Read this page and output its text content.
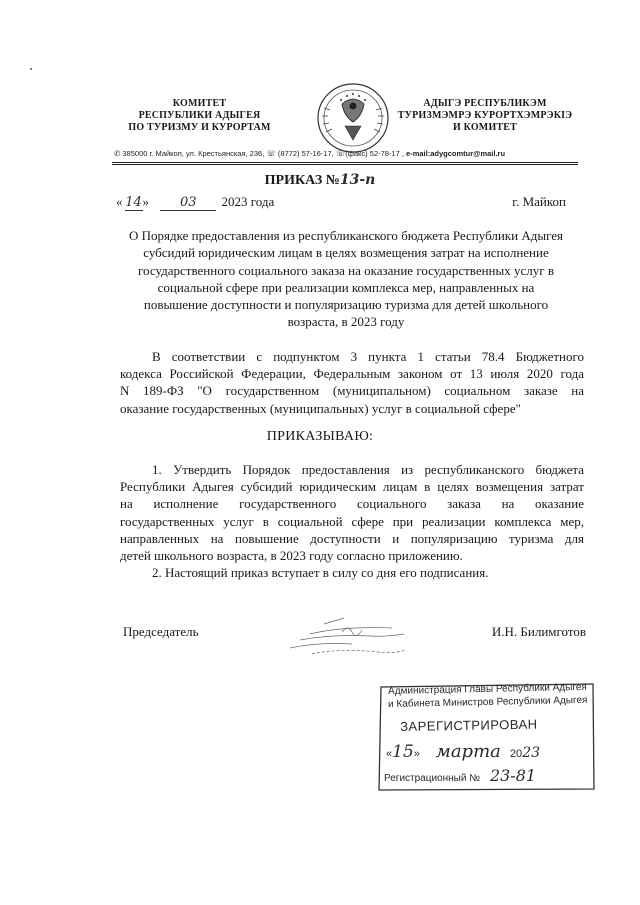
КОМИТЕТ
РЕСПУБЛИКИ АДЫГЕЯ
ПО ТУРИЗМУ И КУРОРТАМ
АДЫГЭ РЕСПУБЛИКЭМ
ТУРИЗМЭМРЭ КУРОРТХЭМРЭКIЭ
И КОМИТЕТ
✆ 385000 г. Майкоп, ул. Крестьянская, 236, ☏ (8772) 57-16-17, ☏(факс) 52-78-17 , e-mail:adygcomtur@mail.ru
ПРИКАЗ №13-п
« 14» 03 2023 года	г. Майкоп
О Порядке предоставления из республиканского бюджета Республики Адыгея
субсидий юридическим лицам в целях возмещения затрат на исполнение
государственного социального заказа на оказание государственных услуг в
социальной сфере при реализации комплекса мер, направленных на
повышение доступности и популяризацию туризма для детей школьного
возраста, в 2023 году
В соответствии с подпунктом 3 пункта 1 статьи 78.4 Бюджетного
кодекса Российской Федерации, Федеральным законом от 13 июля 2020 года
N 189-ФЗ "О государственном (муниципальном) социальном заказе на
оказание государственных (муниципальных) услуг в социальной сфере"
ПРИКАЗЫВАЮ:
1. Утвердить Порядок предоставления из республиканского бюджета
Республики Адыгея субсидий юридическим лицам в целях возмещения затрат
на исполнение государственного социального заказа на оказание
государственных услуг в социальной сфере при реализации комплекса мер,
направленных на повышение доступности и популяризацию туризма для
детей школьного возраста, в 2023 году согласно приложению.
2. Настоящий приказ вступает в силу со дня его подписания.
Председатель	И.Н. Билимготов
Администрация Главы Республики Адыгея
и Кабинета Министров Республики Адыгея
ЗАРЕГИСТРИРОВАН
«15» марта 2023
Регистрационный № 23-81
